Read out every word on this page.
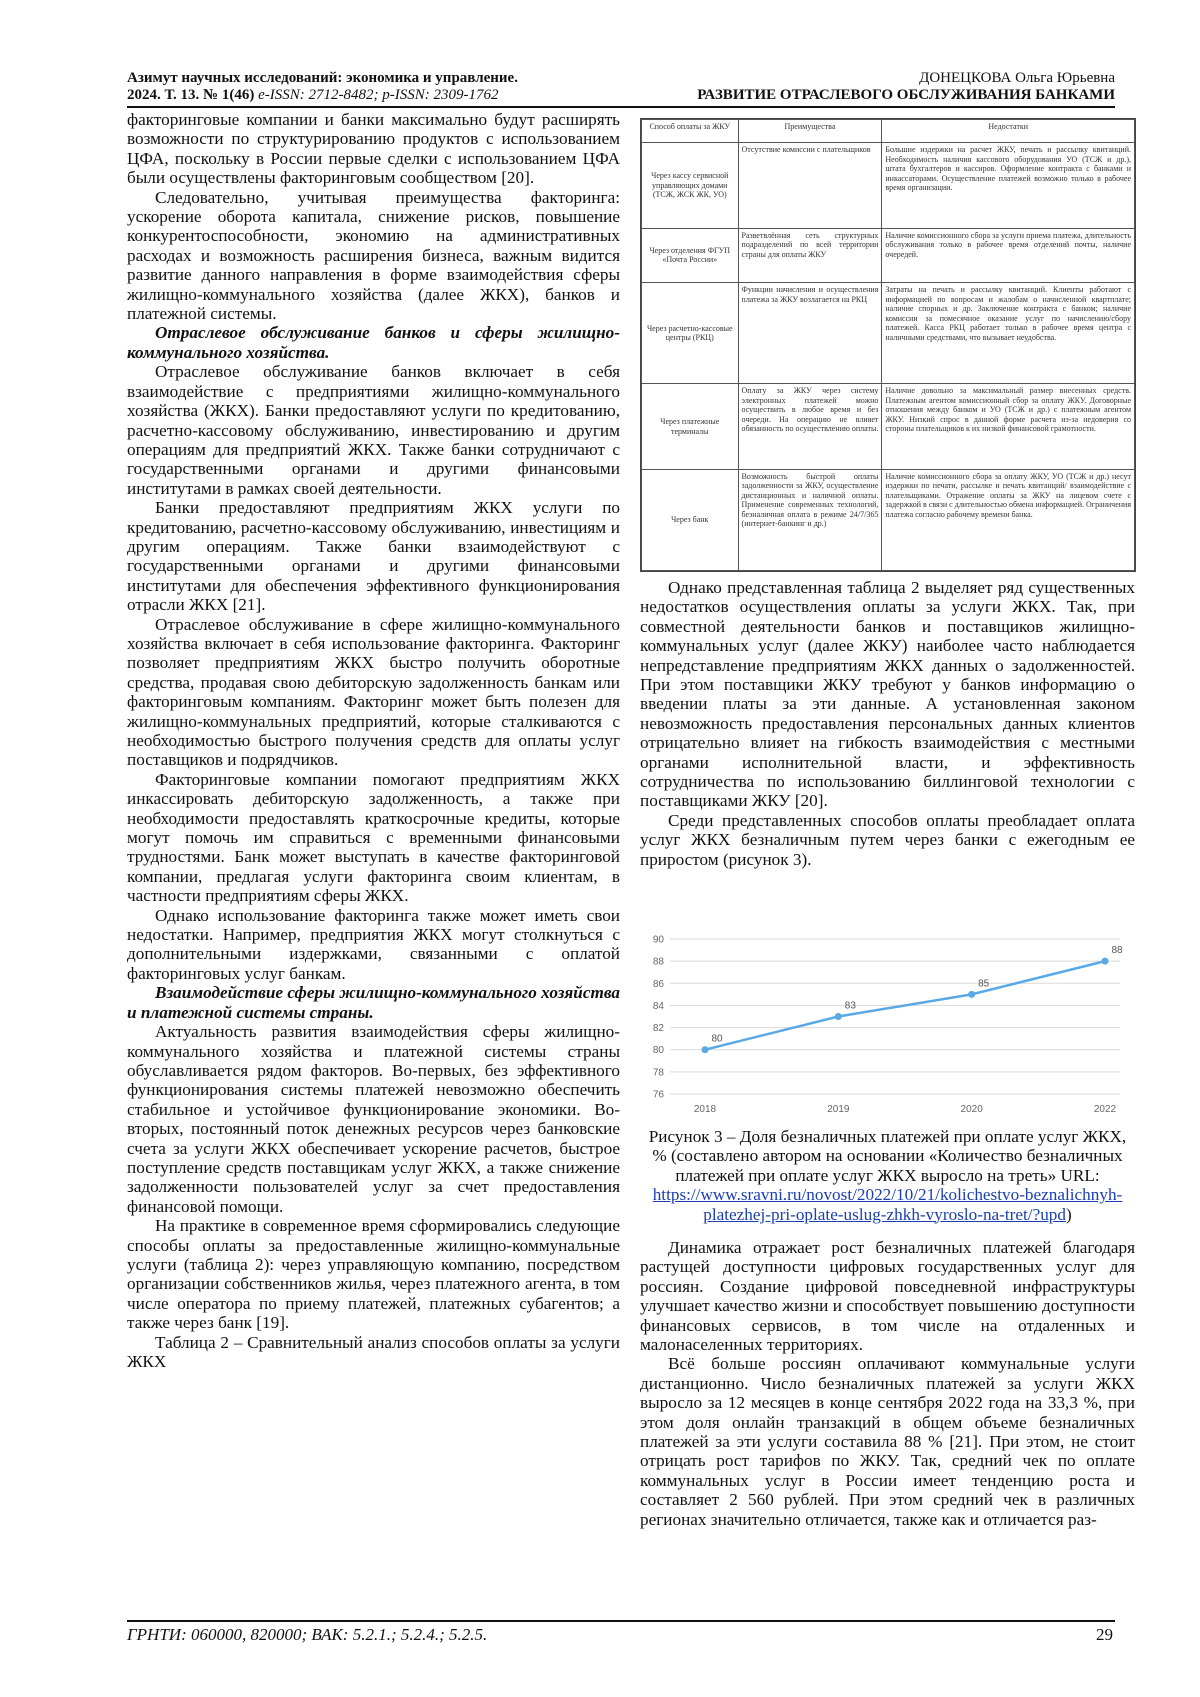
Азимут научных исследований: экономика и управление.
2024. Т. 13. № 1(46) e-ISSN: 2712-8482; p-ISSN: 2309-1762
ДОНЕЦКОВА Ольга Юрьевна
РАЗВИТИЕ ОТРАСЛЕВОГО ОБСЛУЖИВАНИЯ БАНКАМИ

факторинговые компании и банки максимально будут расширять возможности по структурированию продуктов с использованием ЦФА, поскольку в России первые сделки с использованием ЦФА были осуществлены факторинговым сообществом [20].

Следовательно, учитывая преимущества факторинга: ускорение оборота капитала, снижение рисков, повышение конкурентоспособности, экономию на административных расходах и возможность расширения бизнеса, важным видится развитие данного направления в форме взаимодействия сферы жилищно-коммунального хозяйства (далее ЖКХ), банков и платежной системы.

Отраслевое обслуживание банков и сферы жилищно-коммунального хозяйства.

Отраслевое обслуживание банков включает в себя взаимодействие с предприятиями жилищно-коммунального хозяйства (ЖКХ). Банки предоставляют услуги по кредитованию, расчетно-кассовому обслуживанию, инвестированию и другим операциям для предприятий ЖКХ. Также банки сотрудничают с государственными органами и другими финансовыми институтами в рамках своей деятельности.

Банки предоставляют предприятиям ЖКХ услуги по кредитованию, расчетно-кассовому обслуживанию, инвестициям и другим операциям. Также банки взаимодействуют с государственными органами и другими финансовыми институтами для обеспечения эффективного функционирования отрасли ЖКХ [21].

Отраслевое обслуживание в сфере жилищно-коммунального хозяйства включает в себя использование факторинга. Факторинг позволяет предприятиям ЖКХ быстро получить оборотные средства, продавая свою дебиторскую задолженность банкам или факторинговым компаниям. Факторинг может быть полезен для жилищно-коммунальных предприятий, которые сталкиваются с необходимостью быстрого получения средств для оплаты услуг поставщиков и подрядчиков.

Факторинговые компании помогают предприятиям ЖКХ инкассировать дебиторскую задолженность, а также при необходимости предоставлять краткосрочные кредиты, которые могут помочь им справиться с временными финансовыми трудностями. Банк может выступать в качестве факторинговой компании, предлагая услуги факторинга своим клиентам, в частности предприятиям сферы ЖКХ.

Однако использование факторинга также может иметь свои недостатки. Например, предприятия ЖКХ могут столкнуться с дополнительными издержками, связанными с оплатой факторинговых услуг банкам.

Взаимодействие сферы жилищно-коммунального хозяйства и платежной системы страны.

Актуальность развития взаимодействия сферы жилищно-коммунального хозяйства и платежной системы страны обуславливается рядом факторов. Во-первых, без эффективного функционирования системы платежей невозможно обеспечить стабильное и устойчивое функционирование экономики. Во-вторых, постоянный поток денежных ресурсов через банковские счета за услуги ЖКХ обеспечивает ускорение расчетов, быстрое поступление средств поставщикам услуг ЖКХ, а также снижение задолженности пользователей услуг за счет предоставления финансовой помощи.

На практике в современное время сформировались следующие способы оплаты за предоставленные жилищно-коммунальные услуги (таблица 2): через управляющую компанию, посредством организации собственников жилья, через платежного агента, в том числе оператора по приему платежей, платежных субагентов; а также через банк [19].

Таблица 2 – Сравнительный анализ способов оплаты за услуги ЖКХ

Способ оплаты за ЖКУ	Преимущества	Недостатки
Через кассу сервисной управляющих домами (ТСЖ, ЖСК ЖК, УО)	Отсутствие комиссии с плательщиков	Большие издержки на расчет ЖКУ, печать и рассылку квитанций. Необходимость наличия кассового оборудования УО (ТСЖ и др.), штата бухгалтеров и кассиров. Оформление контракта с банками и инкассаторами. Осуществление платежей возможно только в рабочее время организации.
Через отделения ФГУП «Почта России»	Разветвлённая сеть структурных подразделений по всей территории страны для оплаты ЖКУ	Наличие комиссионного сбора за услуги приема платежа, длительность обслуживания только в рабочее время отделений почты, наличие очередей.
Через расчетно-кассовые центры (РКЦ)	Функции начисления и осуществления платежа за ЖКУ возлагается на РКЦ	Затраты на печать и рассылку квитанций. Клиенты работают с информацией по вопросам и жалобам о начисленной квартплате; наличие спорных и др. Заключение контракта с банком; наличие комиссии за помесячное оказание услуг по начислению/сбору платежей. Касса РКЦ работает только в рабочее время центра с наличными средствами, что вызывает неудобства.
Через платежные терминалы	Оплату за ЖКУ через систему электронных платежей можно осуществить в любое время и без очереди. На операцию не влияет обязанность по осуществлению оплаты.	Наличие довольно за максимальный размер внесенных средств. Платежным агентом комиссионный сбор за оплату ЖКУ. Договорные отношения между банком и УО (ТСЖ и др.) с платежным агентом ЖКУ. Низкий спрос в данной форме расчета из-за недоверия со стороны плательщиков к их низкой финансовой грамотности.
Через банк	Возможность быстрой оплаты задолженности за ЖКУ, осуществление дистанционных и наличной оплаты. Применение современных технологий, безналичная оплата в режиме 24/7/365 (интернет-банкинг и др.)	Наличие комиссионного сбора за оплату ЖКУ, УО (ТСЖ и др.) несут издержки по печати, рассылке и печать квитанций/ взаимодействие с плательщиками. Отражение оплаты за ЖКУ на лицевом счете с задержкой в связи с длительностью обмена информацией. Ограничения платежа согласно рабочему времени банка.

Однако представленная таблица 2 выделяет ряд существенных недостатков осуществления оплаты за услуги ЖКХ. Так, при совместной деятельности банков и поставщиков жилищно-коммунальных услуг (далее ЖКУ) наиболее часто наблюдается непредставление предприятиям ЖКХ данных о задолженностей. При этом поставщики ЖКУ требуют у банков информацию о введении платы за эти данные. А установленная законом невозможность предоставления персональных данных клиентов отрицательно влияет на гибкость взаимодействия с местными органами исполнительной власти, и эффективность сотрудничества по использованию биллинговой технологии с поставщиками ЖКУ [20].

Среди представленных способов оплаты преобладает оплата услуг ЖКХ безналичным путем через банки с ежегодным ее приростом (рисунок 3).

76
78
80
82
84
86
88
90
2018	2019	2020	2022
80
83
85
88
Рисунок 3 – Доля безналичных платежей при оплате услуг ЖКХ, % (составлено автором на основании «Количество безналичных платежей при оплате услуг ЖКХ выросло на треть» URL: https://www.sravni.ru/novost/2022/10/21/kolichestvo-beznalichnyh-platezhej-pri-oplate-uslug-zhkh-vyroslo-na-tret/?upd)

Динамика отражает рост безналичных платежей благодаря растущей доступности цифровых государственных услуг для россиян. Создание цифровой повседневной инфраструктуры улучшает качество жизни и способствует повышению доступности финансовых сервисов, в том числе на отдаленных и малонаселенных территориях.

Всё больше россиян оплачивают коммунальные услуги дистанционно. Число безналичных платежей за услуги ЖКХ выросло за 12 месяцев в конце сентября 2022 года на 33,3 %, при этом доля онлайн транзакций в общем объеме безналичных платежей за эти услуги составила 88 % [21]. При этом, не стоит отрицать рост тарифов по ЖКУ. Так, средний чек по оплате коммунальных услуг в России имеет тенденцию роста и составляет 2 560 рублей. При этом средний чек в различных регионах значительно отличается, также как и отличается раз-

ГРНТИ: 060000, 820000; ВАК: 5.2.1.; 5.2.4.; 5.2.5.	29
